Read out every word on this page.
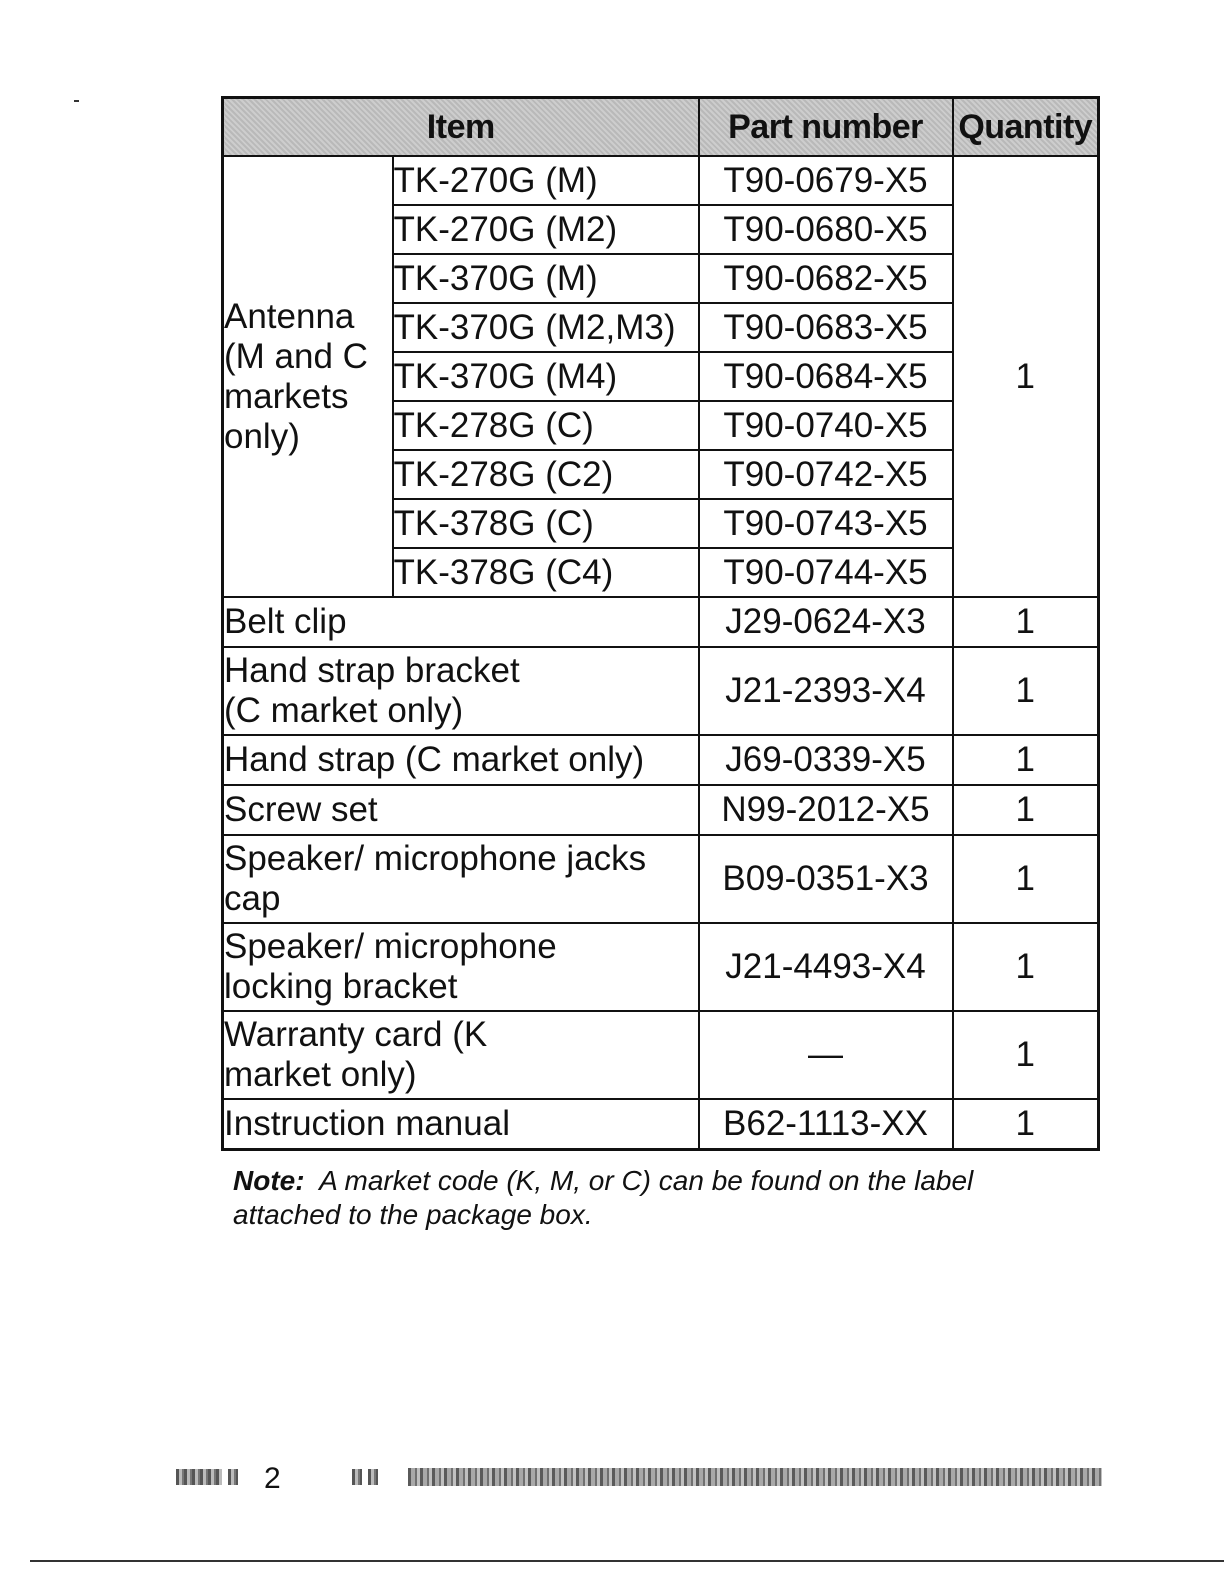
Item		Part number	Quantity
Antenna
(M and C
markets
only)	TK-270G (M)	T90-0679-X5	1
	TK-270G (M2)	T90-0680-X5	
	TK-370G (M)	T90-0682-X5	
	TK-370G (M2,M3)	T90-0683-X5	
	TK-370G (M4)	T90-0684-X5	
	TK-278G (C)	T90-0740-X5	
	TK-278G (C2)	T90-0742-X5	
	TK-378G (C)	T90-0743-X5	
	TK-378G (C4)	T90-0744-X5	
Belt clip		J29-0624-X3	1
Hand strap bracket (C market only)		J21-2393-X4	1
Hand strap (C market only)		J69-0339-X5	1
Screw set		N99-2012-X5	1
Speaker/ microphone jacks cap		B09-0351-X3	1
Speaker/ microphone locking bracket		J21-4493-X4	1
Warranty card (K market only)		—	1
Instruction manual		B62-1113-XX	1
Note: A market code (K, M, or C) can be found on the label attached to the package box.
2
